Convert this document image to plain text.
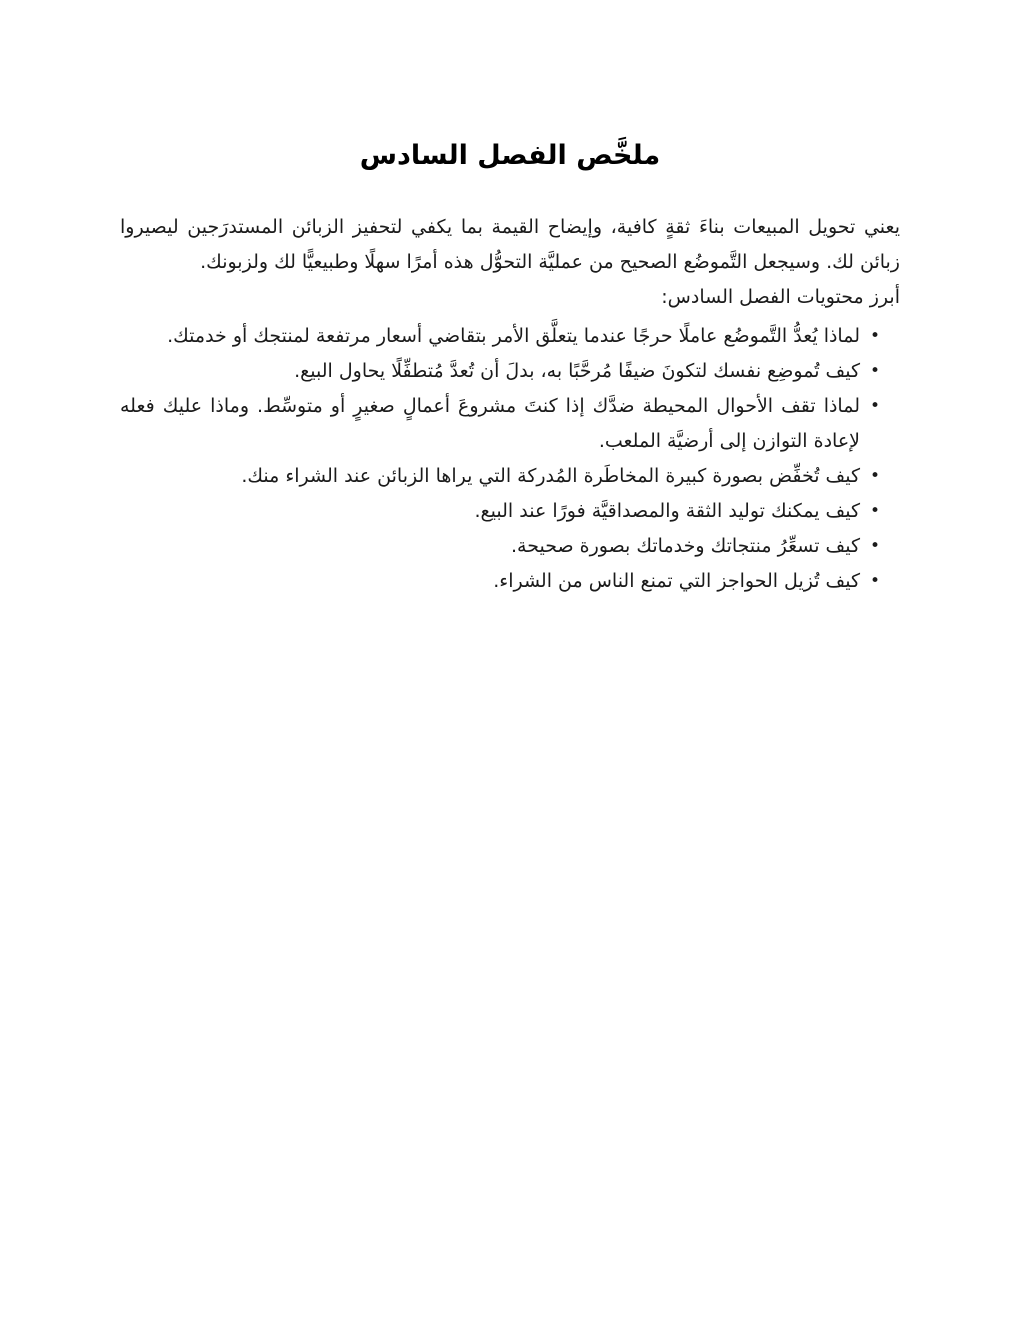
ملخَّص الفصل السادس

يعني تحويل المبيعات بناءَ ثقةٍ كافية، وإيضاح القيمة بما يكفي لتحفيز الزبائن المستدرَجين ليصيروا زبائن لك. وسيجعل التَّموضُع الصحيح من عمليَّة التحوُّل هذه أمرًا سهلًا وطبيعيًّا لك ولزبونك.

أبرز محتويات الفصل السادس:

•
لماذا يُعدُّ التَّموضُع عاملًا حرجًا عندما يتعلَّق الأمر بتقاضي أسعار مرتفعة لمنتجك أو خدمتك.
•
كيف تُموضِع نفسك لتكونَ ضيفًا مُرحَّبًا به، بدلَ أن تُعدَّ مُتطفِّلًا يحاول البيع.
•
لماذا تقف الأحوال المحيطة ضدَّك إذا كنتَ مشروعَ أعمالٍ صغيرٍ أو متوسِّط. وماذا عليك فعله لإعادة التوازن إلى أرضيَّة الملعب.
•
كيف تُخفِّض بصورة كبيرة المخاطَرة المُدركة التي يراها الزبائن عند الشراء منك.
•
كيف يمكنك توليد الثقة والمصداقيَّة فورًا عند البيع.
•
كيف تسعِّرُ منتجاتك وخدماتك بصورة صحيحة.
•
كيف تُزيل الحواجز التي تمنع الناس من الشراء.
